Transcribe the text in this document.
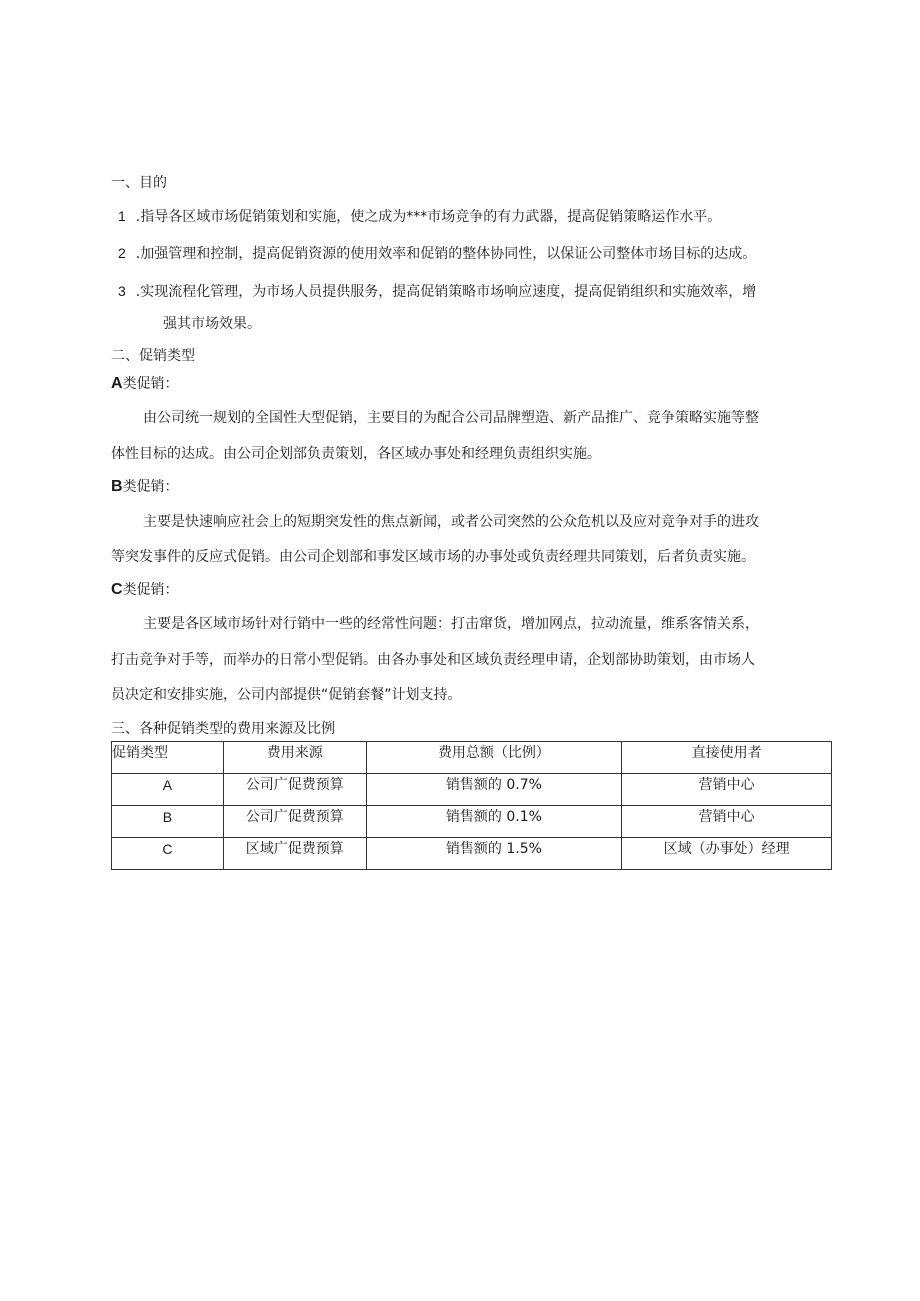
一、目的
1 .指导各区域市场促销策划和实施，使之成为***市场竞争的有力武器，提高促销策略运作水平。
2 .加强管理和控制，提高促销资源的使用效率和促销的整体协同性，以保证公司整体市场目标的达成。
3 .实现流程化管理，为市场人员提供服务，提高促销策略市场响应速度，提高促销组织和实施效率，增
强其市场效果。
二、促销类型
A类促销：
由公司统一规划的全国性大型促销，主要目的为配合公司品牌塑造、新产品推广、竞争策略实施等整
体性目标的达成。由公司企划部负责策划，各区域办事处和经理负责组织实施。
B类促销：
主要是快速响应社会上的短期突发性的焦点新闻，或者公司突然的公众危机以及应对竞争对手的进攻
等突发事件的反应式促销。由公司企划部和事发区域市场的办事处或负责经理共同策划，后者负责实施。
C类促销：
主要是各区域市场针对行销中一些的经常性问题：打击窜货，增加网点，拉动流量，维系客情关系，
打击竞争对手等，而举办的日常小型促销。由各办事处和区域负责经理申请，企划部协助策划，由市场人
员决定和安排实施，公司内部提供“促销套餐”计划支持。
三、各种促销类型的费用来源及比例
促销类型	费用来源	费用总额（比例）	直接使用者
A	公司广促费预算	销售额的 0.7%	营销中心
B	公司广促费预算	销售额的 0.1%	营销中心
C	区域广促费预算	销售额的 1.5%	区域（办事处）经理
